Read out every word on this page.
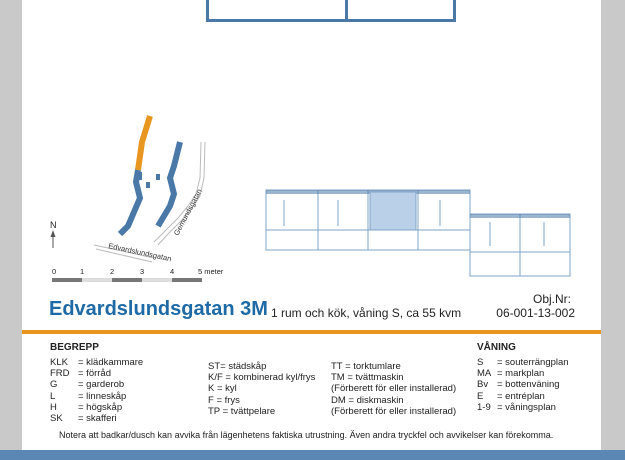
N
Edvardslundsgatan
Gemundsgatan
0	1	2	3	4	5 meter
Edvardslundsgatan 3M 1 rum och kök, våning S, ca 55 kvm
Obj.Nr:
06-001-13-002
BEGREPP
KLK = klädkammare
FRD = förråd
G = garderob
L = linneskåp
H = högskåp
SK = skafferi
ST= städskåp
K/F = kombinerad kyl/frys
K = kyl
F = frys
TP = tvättpelare
TT = torktumlare
TM = tvättmaskin
(Förberett för eller installerad)
DM = diskmaskin
(Förberett för eller installerad)
VÅNING
S = souterrängplan
MA = markplan
Bv = bottenväning
E = entréplan
1-9 = våningsplan
Notera att badkar/dusch kan avvika från lägenhetens faktiska utrustning. Även andra tryckfel och avvikelser kan förekomma.
